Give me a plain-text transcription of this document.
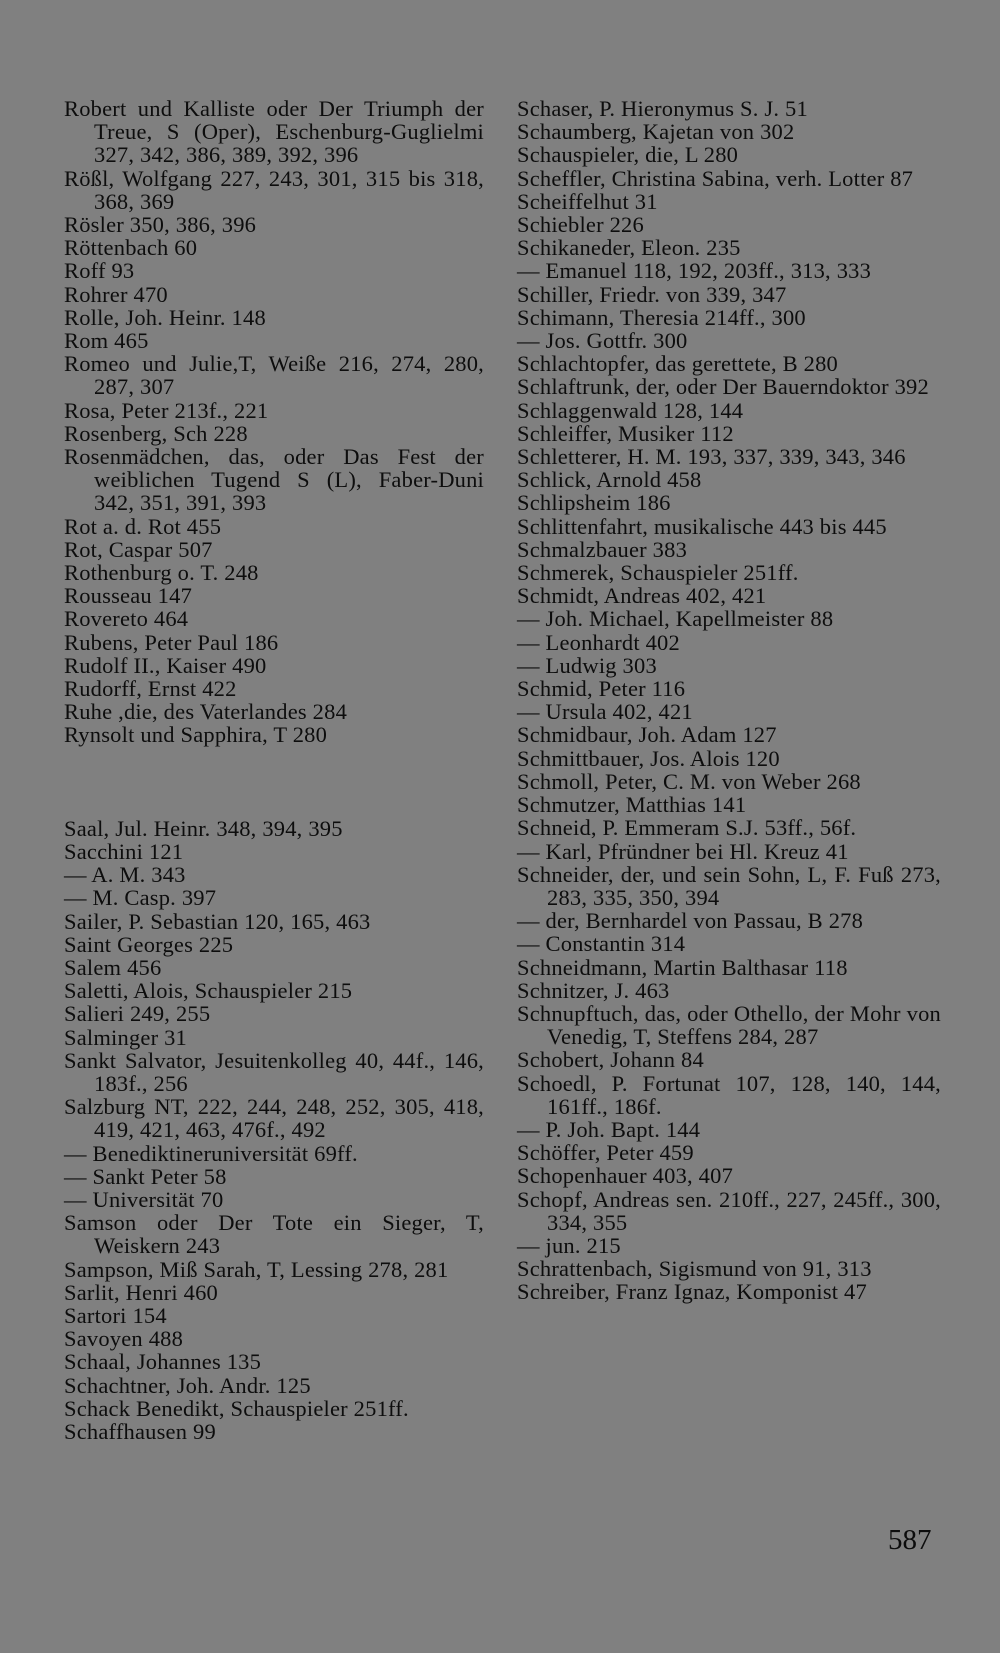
Robert und Kalliste oder Der Triumph der Treue, S (Oper), Eschenburg-Guglielmi 327, 342, 386, 389, 392, 396
Rößl, Wolfgang 227, 243, 301, 315 bis 318, 368, 369
Rösler 350, 386, 396
Röttenbach 60
Roff 93
Rohrer 470
Rolle, Joh. Heinr. 148
Rom 465
Romeo und Julie,T, Weiße 216, 274, 280, 287, 307
Rosa, Peter 213f., 221
Rosenberg, Sch 228
Rosenmädchen, das, oder Das Fest der weiblichen Tugend S (L), Faber-Duni 342, 351, 391, 393
Rot a. d. Rot 455
Rot, Caspar 507
Rothenburg o. T. 248
Rousseau 147
Rovereto 464
Rubens, Peter Paul 186
Rudolf II., Kaiser 490
Rudorff, Ernst 422
Ruhe ,die, des Vaterlandes 284
Rynsolt und Sapphira, T 280
Saal, Jul. Heinr. 348, 394, 395
Sacchini 121
— A. M. 343
— M. Casp. 397
Sailer, P. Sebastian 120, 165, 463
Saint Georges 225
Salem 456
Saletti, Alois, Schauspieler 215
Salieri 249, 255
Salminger 31
Sankt Salvator, Jesuitenkolleg 40, 44f., 146, 183f., 256
Salzburg NT, 222, 244, 248, 252, 305, 418, 419, 421, 463, 476f., 492
— Benediktineruniversität 69ff.
— Sankt Peter 58
— Universität 70
Samson oder Der Tote ein Sieger, T, Weiskern 243
Sampson, Miß Sarah, T, Lessing 278, 281
Sarlit, Henri 460
Sartori 154
Savoyen 488
Schaal, Johannes 135
Schachtner, Joh. Andr. 125
Schack Benedikt, Schauspieler 251ff.
Schaffhausen 99
Schaser, P. Hieronymus S. J. 51
Schaumberg, Kajetan von 302
Schauspieler, die, L 280
Scheffler, Christina Sabina, verh. Lotter 87
Scheiffelhut 31
Schiebler 226
Schikaneder, Eleon. 235
— Emanuel 118, 192, 203ff., 313, 333
Schiller, Friedr. von 339, 347
Schimann, Theresia 214ff., 300
— Jos. Gottfr. 300
Schlachtopfer, das gerettete, B 280
Schlaftrunk, der, oder Der Bauerndoktor 392
Schlaggenwald 128, 144
Schleiffer, Musiker 112
Schletterer, H. M. 193, 337, 339, 343, 346
Schlick, Arnold 458
Schlipsheim 186
Schlittenfahrt, musikalische 443 bis 445
Schmalzbauer 383
Schmerek, Schauspieler 251ff.
Schmidt, Andreas 402, 421
— Joh. Michael, Kapellmeister 88
— Leonhardt 402
— Ludwig 303
Schmid, Peter 116
— Ursula 402, 421
Schmidbaur, Joh. Adam 127
Schmittbauer, Jos. Alois 120
Schmoll, Peter, C. M. von Weber 268
Schmutzer, Matthias 141
Schneid, P. Emmeram S.J. 53ff., 56f.
— Karl, Pfründner bei Hl. Kreuz 41
Schneider, der, und sein Sohn, L, F. Fuß 273, 283, 335, 350, 394
— der, Bernhardel von Passau, B 278
— Constantin 314
Schneidmann, Martin Balthasar 118
Schnitzer, J. 463
Schnupftuch, das, oder Othello, der Mohr von Venedig, T, Steffens 284, 287
Schobert, Johann 84
Schoedl, P. Fortunat 107, 128, 140, 144, 161ff., 186f.
— P. Joh. Bapt. 144
Schöffer, Peter 459
Schopenhauer 403, 407
Schopf, Andreas sen. 210ff., 227, 245ff., 300, 334, 355
— jun. 215
Schrattenbach, Sigismund von 91, 313
Schreiber, Franz Ignaz, Komponist 47
587
